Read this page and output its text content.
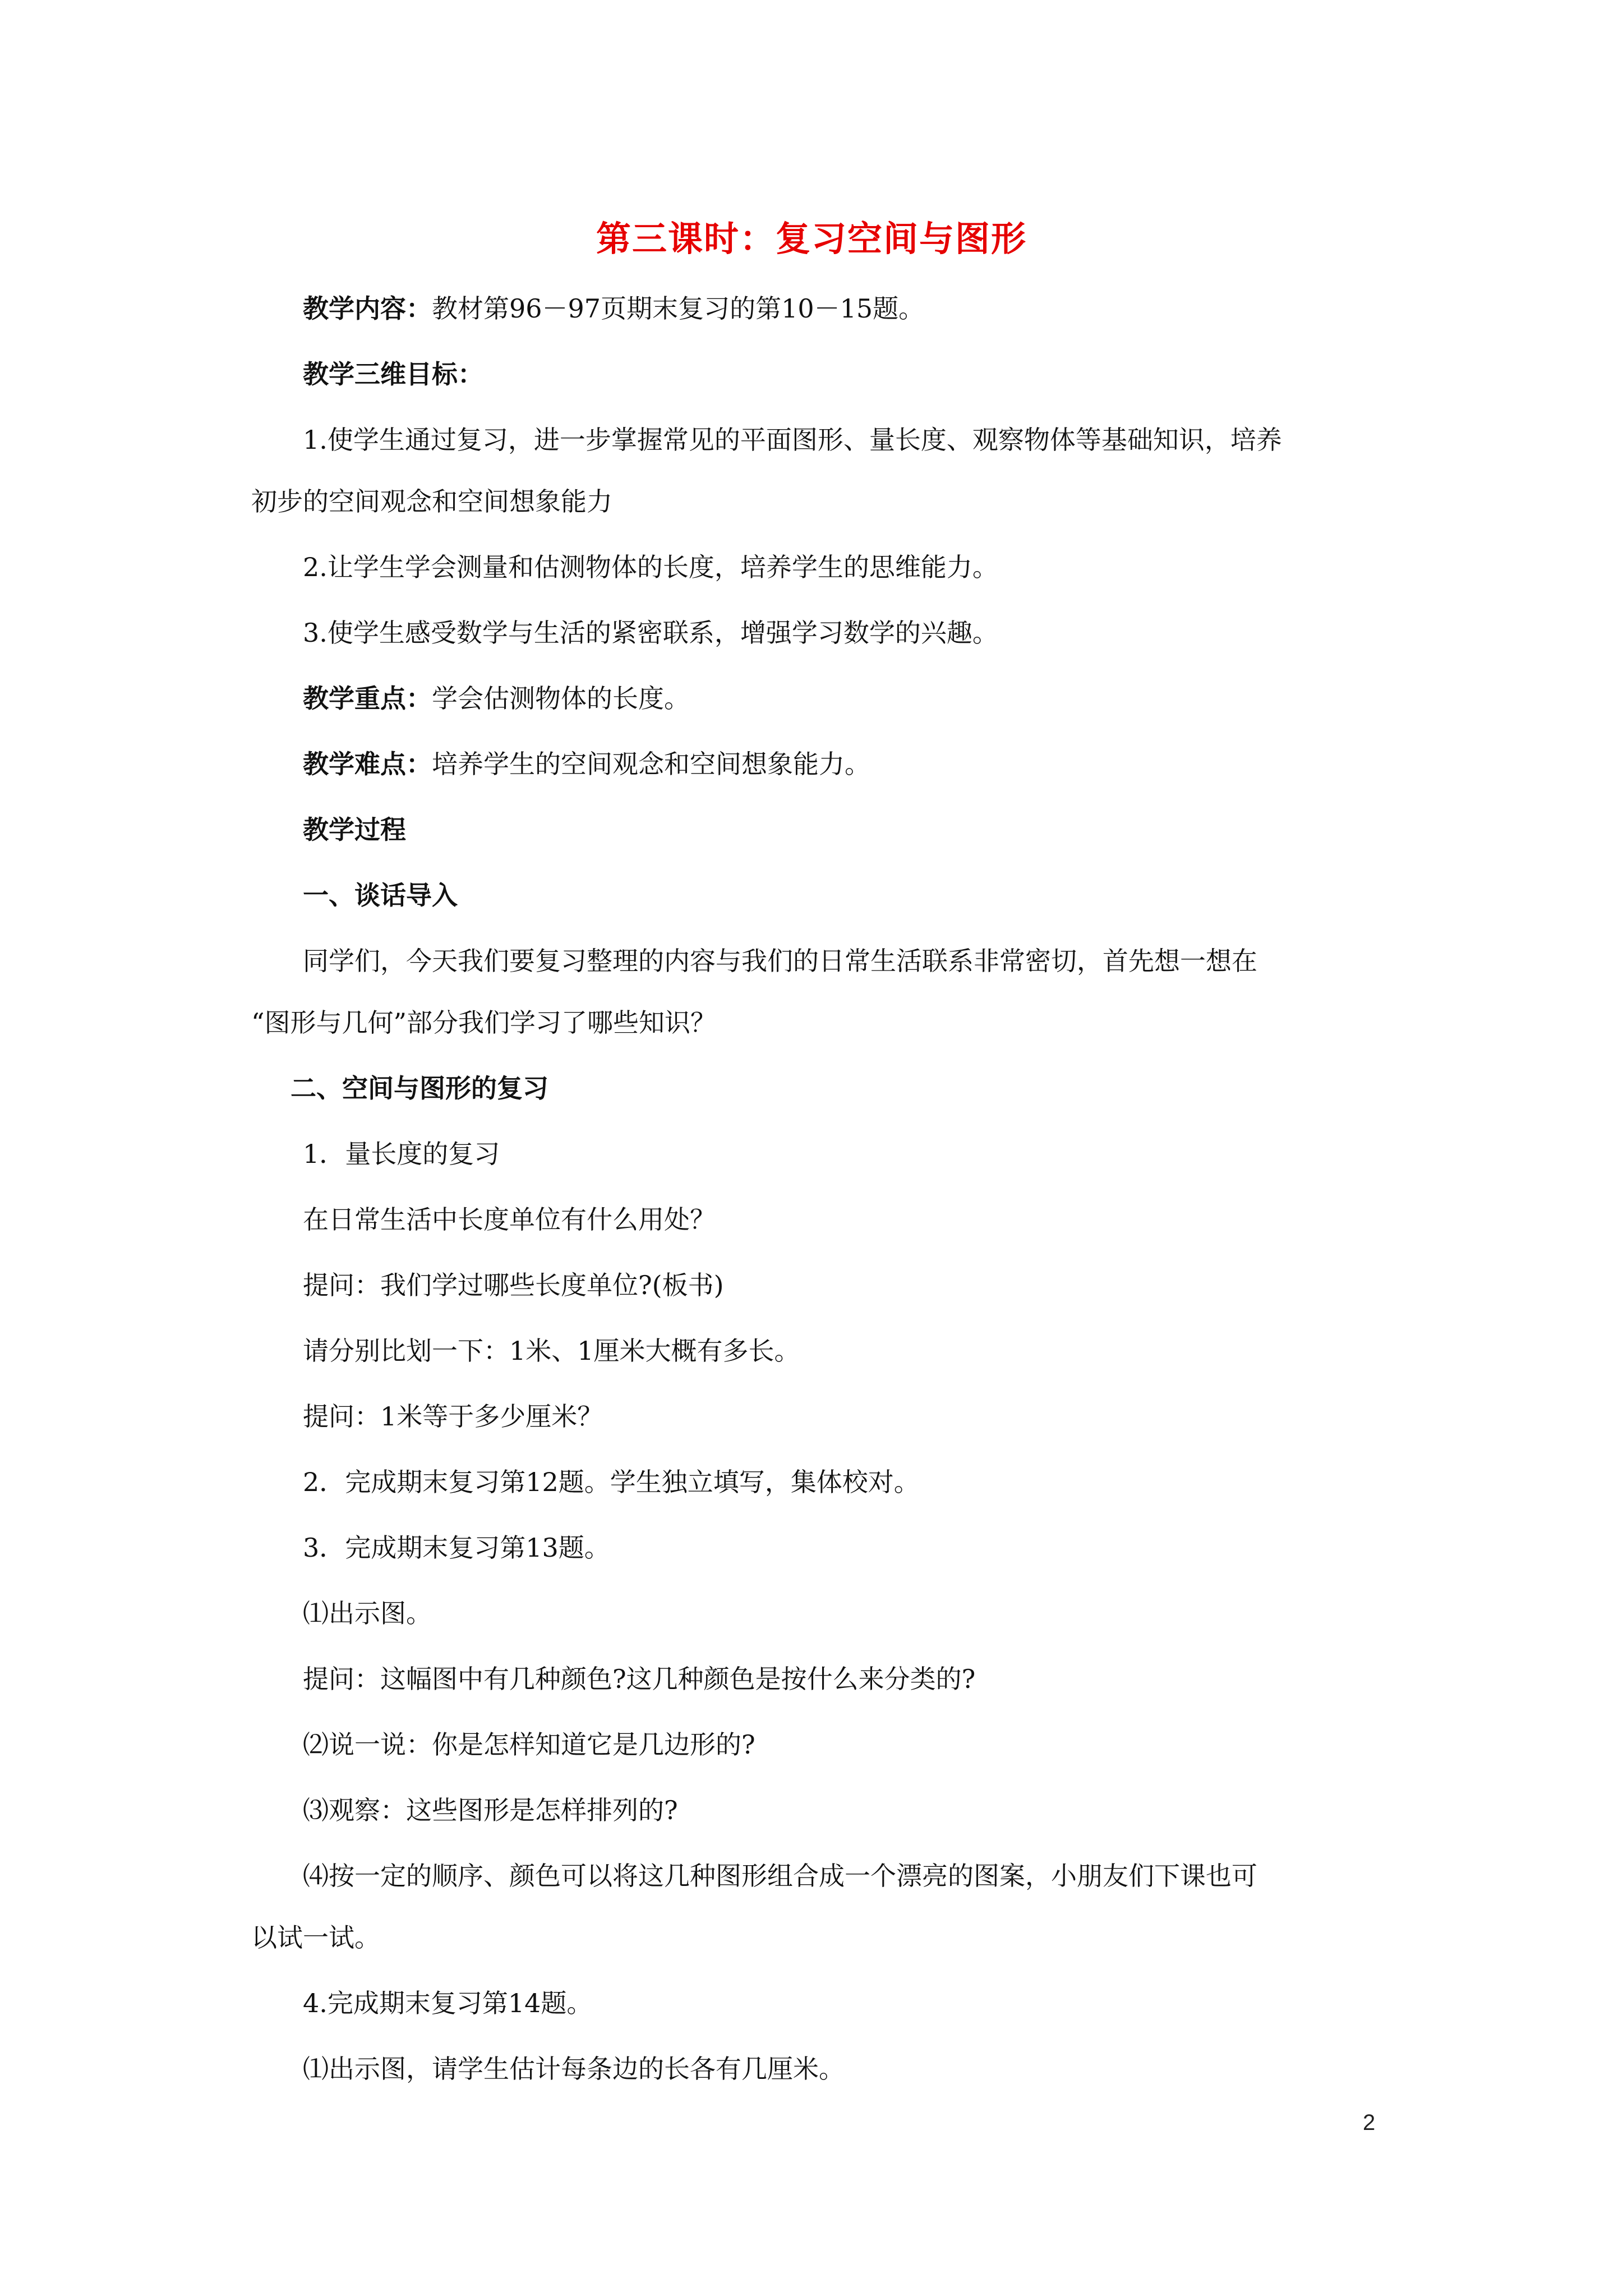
第三课时：复习空间与图形
教学内容：教材第96－97页期末复习的第10－15题。
教学三维目标：
1.使学生通过复习，进一步掌握常见的平面图形、量长度、观察物体等基础知识，培养
初步的空间观念和空间想象能力
2.让学生学会测量和估测物体的长度，培养学生的思维能力。
3.使学生感受数学与生活的紧密联系，增强学习数学的兴趣。
教学重点：学会估测物体的长度。
教学难点：培养学生的空间观念和空间想象能力。
教学过程
一、谈话导入
同学们，今天我们要复习整理的内容与我们的日常生活联系非常密切，首先想一想在
“图形与几何”部分我们学习了哪些知识？
二、空间与图形的复习
1．量长度的复习
在日常生活中长度单位有什么用处？
提问：我们学过哪些长度单位?(板书)
请分别比划一下：1米、1厘米大概有多长。
提问：1米等于多少厘米？
2．完成期末复习第12题。学生独立填写，集体校对。
3．完成期末复习第13题。
⑴出示图。
提问：这幅图中有几种颜色?这几种颜色是按什么来分类的?
⑵说一说：你是怎样知道它是几边形的?
⑶观察：这些图形是怎样排列的?
⑷按一定的顺序、颜色可以将这几种图形组合成一个漂亮的图案，小朋友们下课也可
以试一试。
4.完成期末复习第14题。
⑴出示图，请学生估计每条边的长各有几厘米。
2
